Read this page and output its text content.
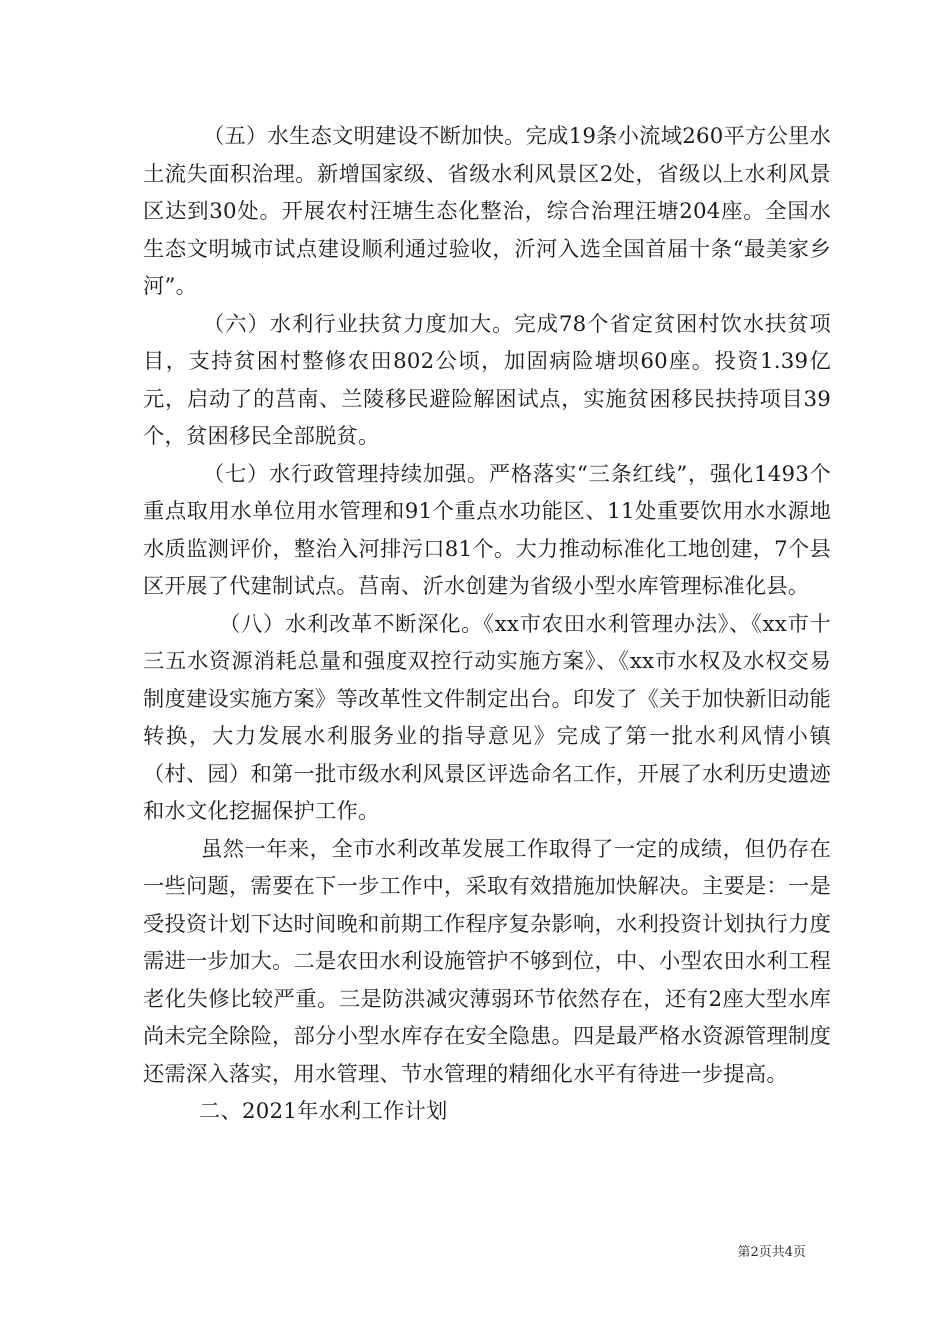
（五）水生态文明建设不断加快。完成19条小流域260平方公里水土流失面积治理。新增国家级、省级水利风景区2处，省级以上水利风景区达到30处。开展农村汪塘生态化整治，综合治理汪塘204座。全国水生态文明城市试点建设顺利通过验收，沂河入选全国首届十条“最美家乡河”。

（六）水利行业扶贫力度加大。完成78个省定贫困村饮水扶贫项目，支持贫困村整修农田802公顷，加固病险塘坝60座。投资1.39亿元，启动了的莒南、兰陵移民避险解困试点，实施贫困移民扶持项目39个，贫困移民全部脱贫。

（七）水行政管理持续加强。严格落实“三条红线”，强化1493个重点取用水单位用水管理和91个重点水功能区、11处重要饮用水水源地水质监测评价，整治入河排污口81个。大力推动标准化工地创建，7个县区开展了代建制试点。莒南、沂水创建为省级小型水库管理标准化县。

（八）水利改革不断深化。《xx市农田水利管理办法》、《xx市十三五水资源消耗总量和强度双控行动实施方案》、《xx市水权及水权交易制度建设实施方案》等改革性文件制定出台。印发了《关于加快新旧动能转换，大力发展水利服务业的指导意见》完成了第一批水利风情小镇（村、园）和第一批市级水利风景区评选命名工作，开展了水利历史遗迹和水文化挖掘保护工作。

虽然一年来，全市水利改革发展工作取得了一定的成绩，但仍存在一些问题，需要在下一步工作中，采取有效措施加快解决。主要是：一是受投资计划下达时间晚和前期工作程序复杂影响，水利投资计划执行力度需进一步加大。二是农田水利设施管护不够到位，中、小型农田水利工程老化失修比较严重。三是防洪减灾薄弱环节依然存在，还有2座大型水库尚未完全除险，部分小型水库存在安全隐患。四是最严格水资源管理制度还需深入落实，用水管理、节水管理的精细化水平有待进一步提高。

二、2021年水利工作计划

第2页共4页
